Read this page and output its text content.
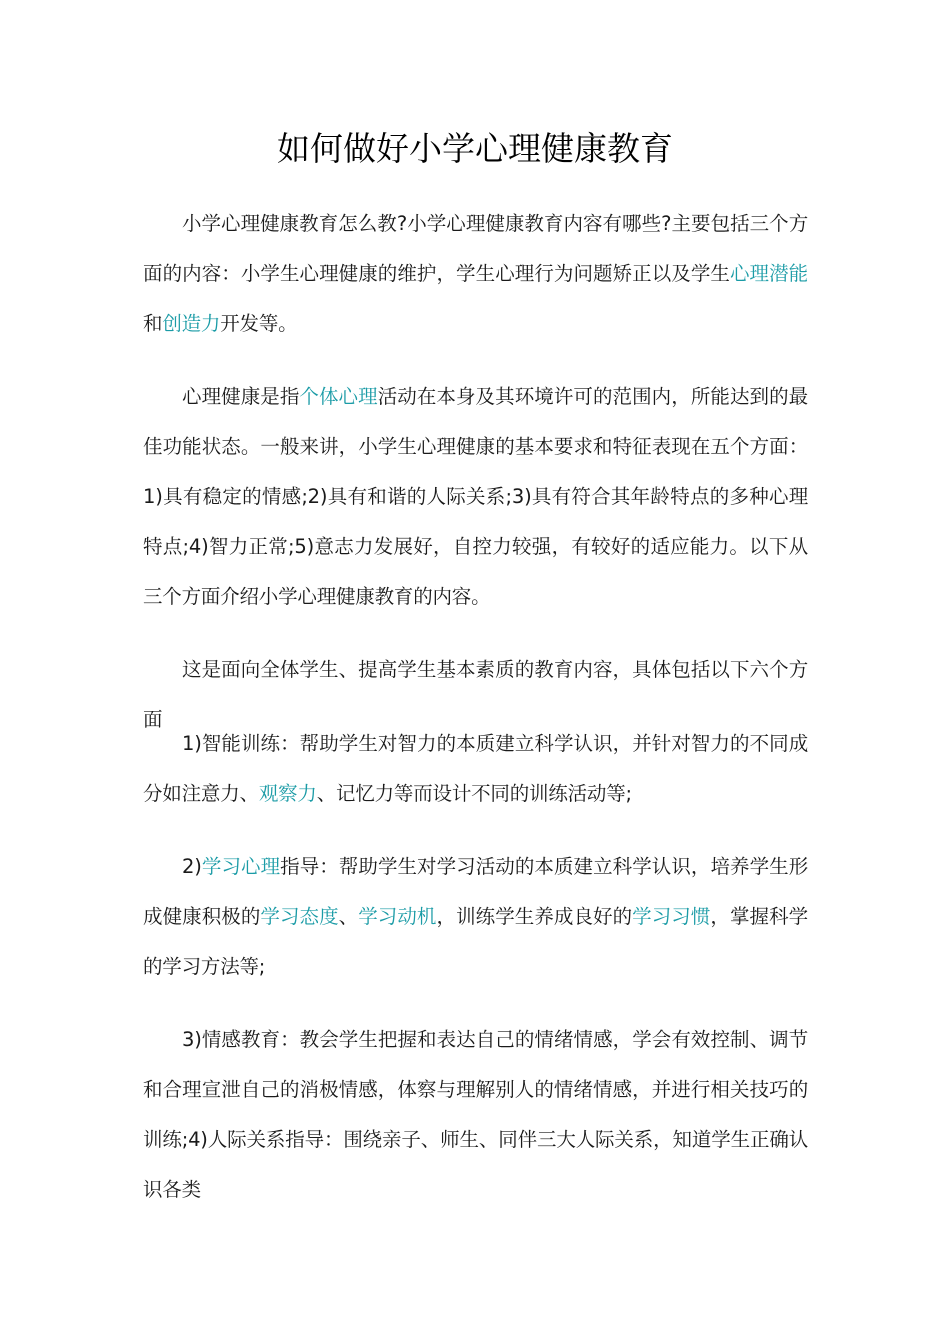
如何做好小学心理健康教育

小学心理健康教育怎么教?小学心理健康教育内容有哪些?主要包括三个方面的内容：小学生心理健康的维护，学生心理行为问题矫正以及学生心理潜能和创造力开发等。

心理健康是指个体心理活动在本身及其环境许可的范围内，所能达到的最佳功能状态。一般来讲，小学生心理健康的基本要求和特征表现在五个方面：1)具有稳定的情感;2)具有和谐的人际关系;3)具有符合其年龄特点的多种心理特点;4)智力正常;5)意志力发展好，自控力较强，有较好的适应能力。以下从三个方面介绍小学心理健康教育的内容。

这是面向全体学生、提高学生基本素质的教育内容，具体包括以下六个方面

1)智能训练：帮助学生对智力的本质建立科学认识，并针对智力的不同成分如注意力、观察力、记忆力等而设计不同的训练活动等;

2)学习心理指导：帮助学生对学习活动的本质建立科学认识，培养学生形成健康积极的学习态度、学习动机，训练学生养成良好的学习习惯，掌握科学的学习方法等;

3)情感教育：教会学生把握和表达自己的情绪情感，学会有效控制、调节和合理宣泄自己的消极情感，体察与理解别人的情绪情感，并进行相关技巧的训练;4)人际关系指导：围绕亲子、师生、同伴三大人际关系，知道学生正确认识各类
